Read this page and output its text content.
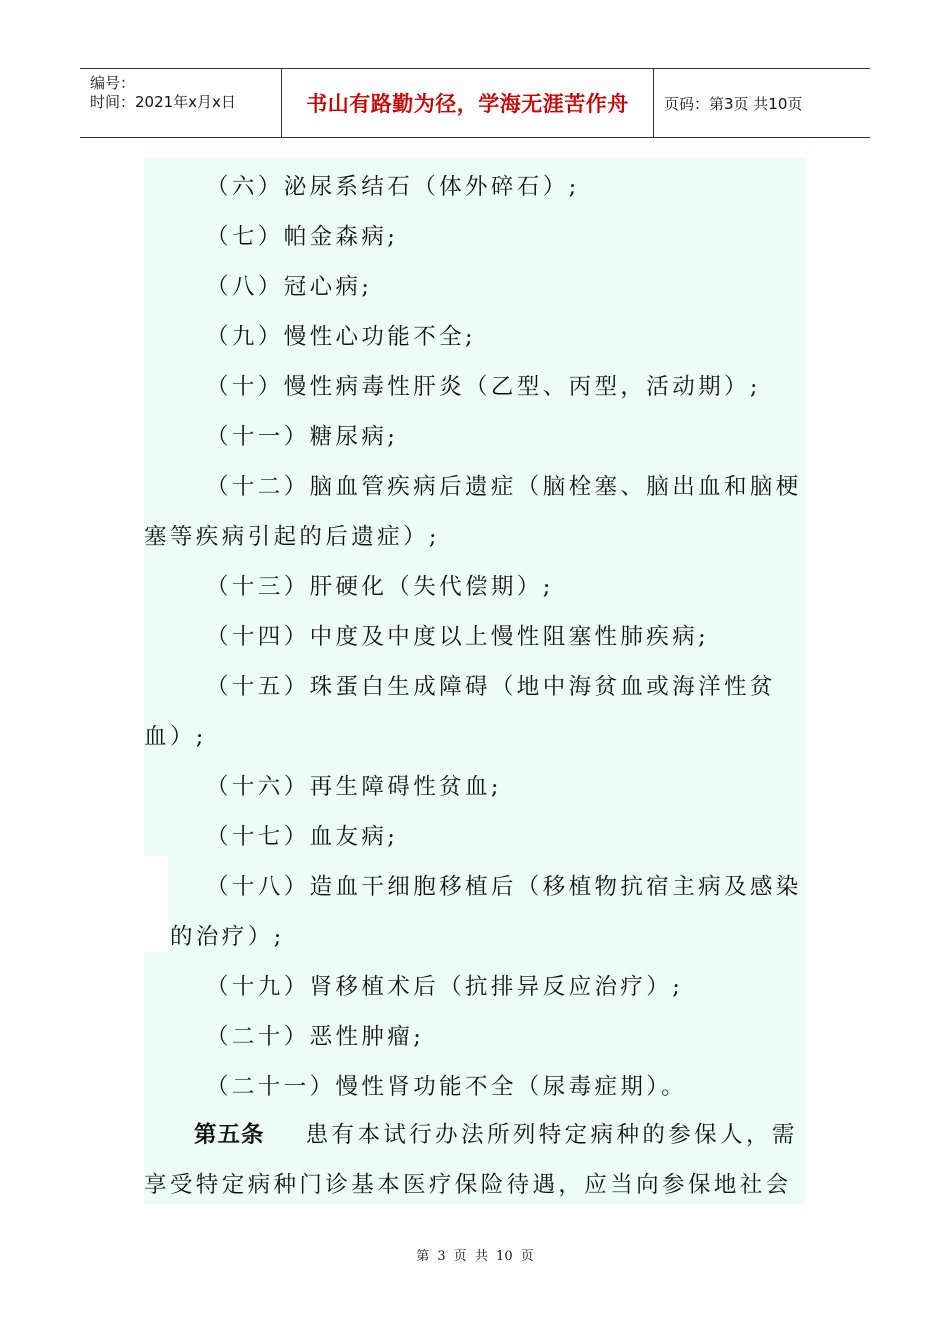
编号：
时间：2021年x月x日	书山有路勤为径，学海无涯苦作舟	页码：第3页 共10页
（六）泌尿系结石（体外碎石）;
（七）帕金森病;
（八）冠心病;
（九）慢性心功能不全;
（十）慢性病毒性肝炎（乙型、丙型，活动期）;
（十一）糖尿病;
（十二）脑血管疾病后遗症（脑栓塞、脑出血和脑梗
塞等疾病引起的后遗症）;
（十三）肝硬化（失代偿期）;
（十四）中度及中度以上慢性阻塞性肺疾病;
（十五）珠蛋白生成障碍（地中海贫血或海洋性贫
血）;
（十六）再生障碍性贫血;
（十七）血友病;
（十八）造血干细胞移植后（移植物抗宿主病及感染
的治疗）;
（十九）肾移植术后（抗排异反应治疗）;
（二十）恶性肿瘤;
（二十一）慢性肾功能不全（尿毒症期）。
第五条 患有本试行办法所列特定病种的参保人，需
享受特定病种门诊基本医疗保险待遇，应当向参保地社会
第 3 页 共 10 页
